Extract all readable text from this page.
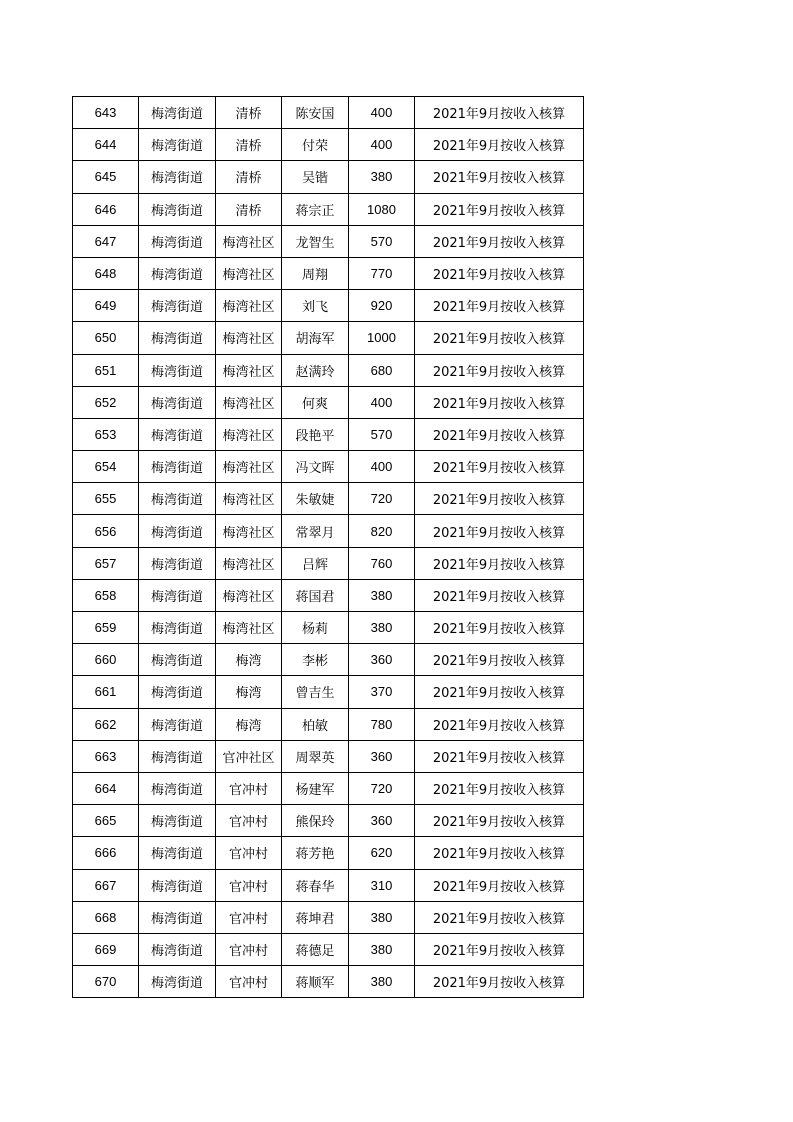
643	梅湾街道	清桥	陈安国	400	2021年9月按收入核算
644	梅湾街道	清桥	付荣	400	2021年9月按收入核算
645	梅湾街道	清桥	吴锴	380	2021年9月按收入核算
646	梅湾街道	清桥	蒋宗正	1080	2021年9月按收入核算
647	梅湾街道	梅湾社区	龙智生	570	2021年9月按收入核算
648	梅湾街道	梅湾社区	周翔	770	2021年9月按收入核算
649	梅湾街道	梅湾社区	刘飞	920	2021年9月按收入核算
650	梅湾街道	梅湾社区	胡海军	1000	2021年9月按收入核算
651	梅湾街道	梅湾社区	赵满玲	680	2021年9月按收入核算
652	梅湾街道	梅湾社区	何爽	400	2021年9月按收入核算
653	梅湾街道	梅湾社区	段艳平	570	2021年9月按收入核算
654	梅湾街道	梅湾社区	冯文晖	400	2021年9月按收入核算
655	梅湾街道	梅湾社区	朱敏婕	720	2021年9月按收入核算
656	梅湾街道	梅湾社区	常翠月	820	2021年9月按收入核算
657	梅湾街道	梅湾社区	吕辉	760	2021年9月按收入核算
658	梅湾街道	梅湾社区	蒋国君	380	2021年9月按收入核算
659	梅湾街道	梅湾社区	杨莉	380	2021年9月按收入核算
660	梅湾街道	梅湾	李彬	360	2021年9月按收入核算
661	梅湾街道	梅湾	曾吉生	370	2021年9月按收入核算
662	梅湾街道	梅湾	柏敏	780	2021年9月按收入核算
663	梅湾街道	官冲社区	周翠英	360	2021年9月按收入核算
664	梅湾街道	官冲村	杨建军	720	2021年9月按收入核算
665	梅湾街道	官冲村	熊保玲	360	2021年9月按收入核算
666	梅湾街道	官冲村	蒋芳艳	620	2021年9月按收入核算
667	梅湾街道	官冲村	蒋春华	310	2021年9月按收入核算
668	梅湾街道	官冲村	蒋坤君	380	2021年9月按收入核算
669	梅湾街道	官冲村	蒋德足	380	2021年9月按收入核算
670	梅湾街道	官冲村	蒋顺军	380	2021年9月按收入核算
